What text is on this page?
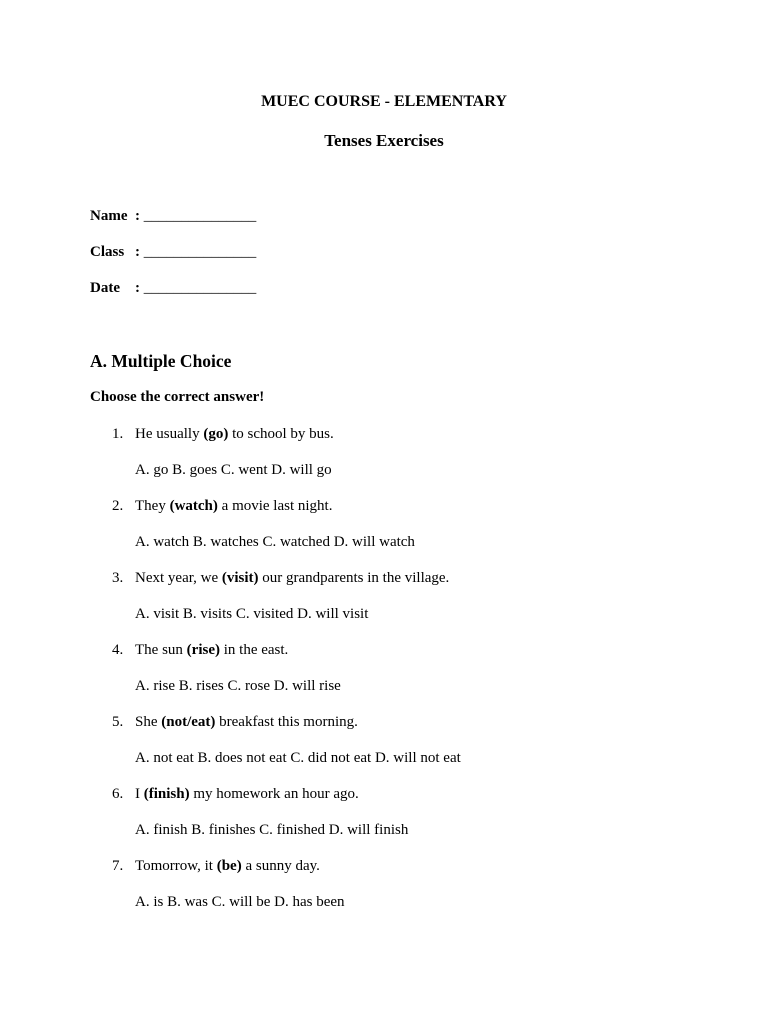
MUEC COURSE - ELEMENTARY
Tenses Exercises
Name : _______________
Class : _______________
Date : _______________
A. Multiple Choice

Choose the correct answer!

1. He usually (go) to school by bus.
A. go B. goes C. went D. will go
2. They (watch) a movie last night.
A. watch B. watches C. watched D. will watch
3. Next year, we (visit) our grandparents in the village.
A. visit B. visits C. visited D. will visit
4. The sun (rise) in the east.
A. rise B. rises C. rose D. will rise
5. She (not/eat) breakfast this morning.
A. not eat B. does not eat C. did not eat D. will not eat
6. I (finish) my homework an hour ago.
A. finish B. finishes C. finished D. will finish
7. Tomorrow, it (be) a sunny day.
A. is B. was C. will be D. has been
